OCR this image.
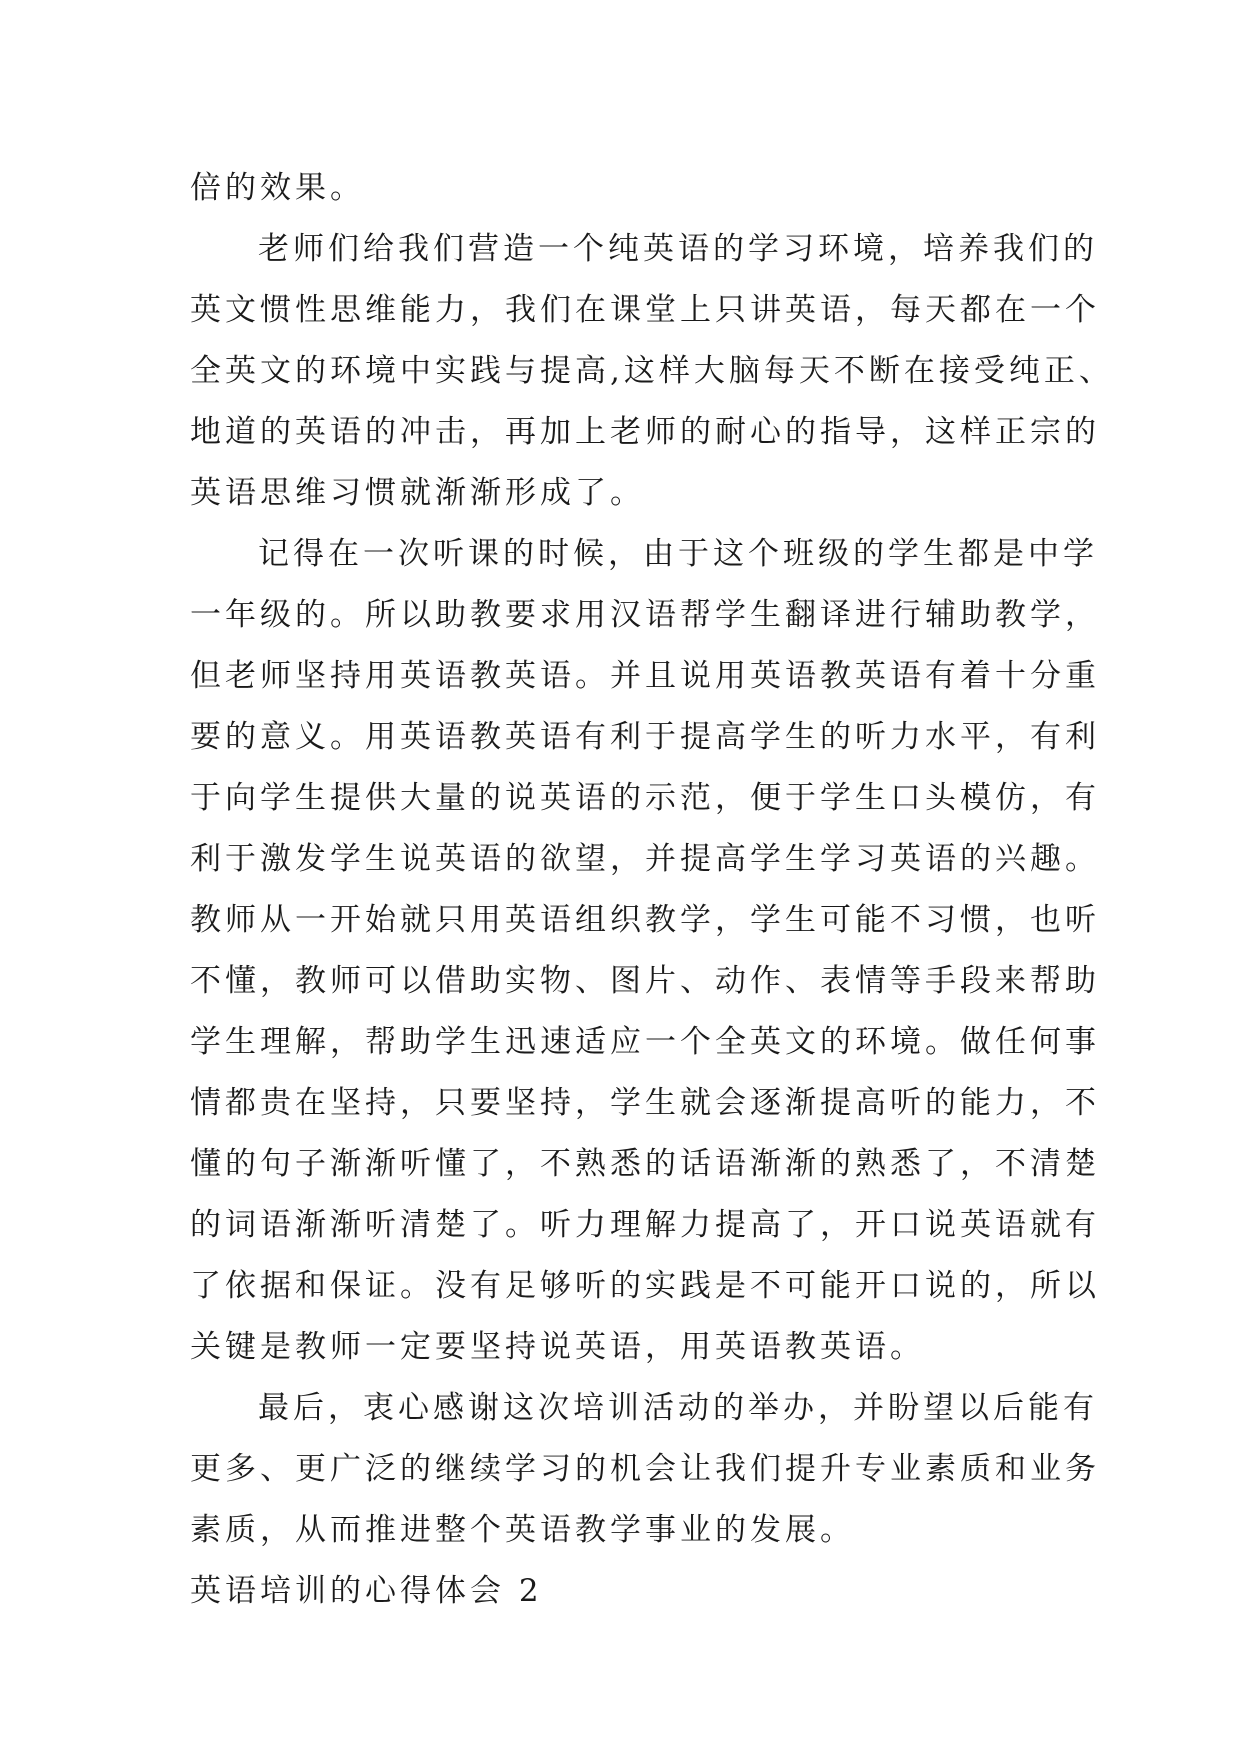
倍的效果。
老师们给我们营造一个纯英语的学习环境，培养我们的
英文惯性思维能力，我们在课堂上只讲英语，每天都在一个
全英文的环境中实践与提高,这样大脑每天不断在接受纯正、
地道的英语的冲击，再加上老师的耐心的指导，这样正宗的
英语思维习惯就渐渐形成了。
记得在一次听课的时候，由于这个班级的学生都是中学
一年级的。所以助教要求用汉语帮学生翻译进行辅助教学，
但老师坚持用英语教英语。并且说用英语教英语有着十分重
要的意义。用英语教英语有利于提高学生的听力水平，有利
于向学生提供大量的说英语的示范，便于学生口头模仿，有
利于激发学生说英语的欲望，并提高学生学习英语的兴趣。
教师从一开始就只用英语组织教学，学生可能不习惯，也听
不懂，教师可以借助实物、图片、动作、表情等手段来帮助
学生理解，帮助学生迅速适应一个全英文的环境。做任何事
情都贵在坚持，只要坚持，学生就会逐渐提高听的能力，不
懂的句子渐渐听懂了，不熟悉的话语渐渐的熟悉了，不清楚
的词语渐渐听清楚了。听力理解力提高了，开口说英语就有
了依据和保证。没有足够听的实践是不可能开口说的，所以
关键是教师一定要坚持说英语，用英语教英语。
最后，衷心感谢这次培训活动的举办，并盼望以后能有
更多、更广泛的继续学习的机会让我们提升专业素质和业务
素质，从而推进整个英语教学事业的发展。
英语培训的心得体会 2
